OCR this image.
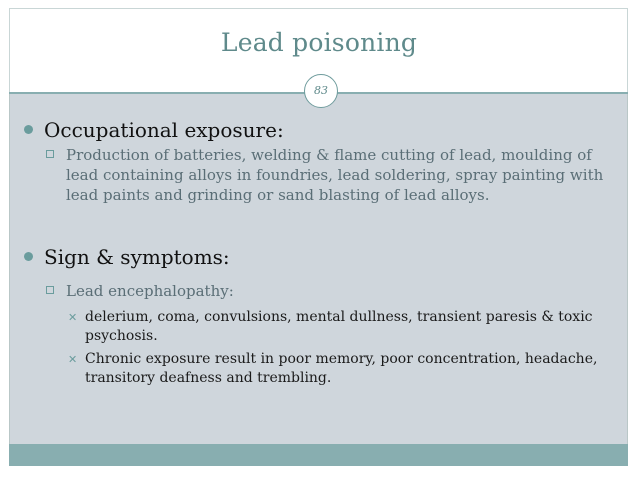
Lead poisoning
83
Occupational exposure:
Production of batteries, welding & flame cutting of lead, moulding of lead containing alloys in foundries, lead soldering, spray painting with lead paints and grinding or sand blasting of lead alloys.
Sign & symptoms:
Lead encephalopathy:
✕ delerium, coma, convulsions, mental dullness, transient paresis & toxic psychosis.
✕ Chronic exposure result in poor memory, poor concentration, headache, transitory deafness and trembling.
